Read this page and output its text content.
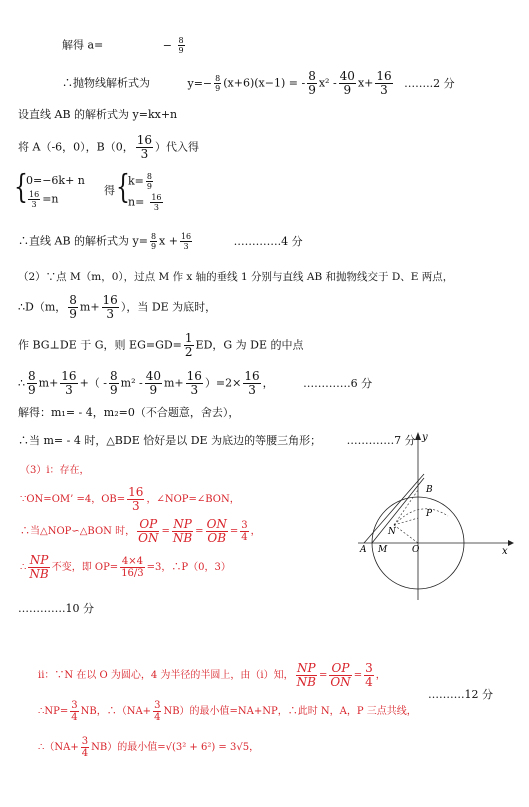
解得 a=	− $\frac{8}{9}$
∴抛物线解析式为	$y=- \frac{8}{9} (x+6)(x-1)$ = - $\frac{8}{9} x^2 - \frac{40}{9} x+ \frac{16}{3}$ ……..2 分
设直线 AB 的解析式为 y=kx+n
将 A（-6，0），B（0， $\frac{16}{3}$ ）代入得
{
0=−6k+ n
$\frac{16}{3} =n$
得 {
$k= \frac{8}{9}$
$n= \frac{16}{3}$
∴直线 AB 的解析式为 $y= \frac{8}{9}$ $x + \frac{16}{3}$	………….4 分
（2）∵点 M（m，0），过点 M 作 x 轴的垂线 1 分别与直线 AB 和抛物线交于 D、E 两点，
∴D（m， $\frac{8}{9} m+ \frac{16}{3}$ ），当 DE 为底时，
作 BG⊥DE 于 G，则 $EG=GD= \frac{1}{2}$ ED，G 为 DE 的中点
∴ $\frac{8}{9} m+ \frac{16}{3}$ +（ - $\frac{8}{9} m^2 - \frac{40}{9} m+ \frac{16}{3} )=2\times \frac{16}{3}$ ，	………….6 分
解得：m₁= - 4，m₂=0（不合题意，舍去），
∴当 m= - 4 时，△BDE 恰好是以 DE 为底边的等腰三角形； ………….7 分
（3）i：存在，
∵ON=OM’ =4，$OB= \frac{16}{3}$ ，∠NOP=∠BON，
∴当△NOP∽△BON 时， $\frac{OP}{ON} = \frac{NP}{NB} = \frac{ON}{OB} = \frac{3}{4}$ ，
∴ $\frac{NP}{NB}$ 不变，即 $OP= \frac{4\times 4}{16/3} =3$，∴P（0，3）
………….10 分
y
x
B
P
A M
N
O
ii：∵N 在以 O 为圆心，4 为半径的半圆上，由（i）知， $\frac{NP}{NB} = \frac{OP}{ON} = \frac{3}{4}$ ，
……….12 分
∴NP= $\frac{3}{4}$ NB，∴（NA+ $\frac{3}{4} NB$）的最小值=NA+NP，∴此时 N，A，P 三点共线，
∴（NA+ $\frac{3}{4} NB$）的最小值=√(3² + 6²) = 3√5，
